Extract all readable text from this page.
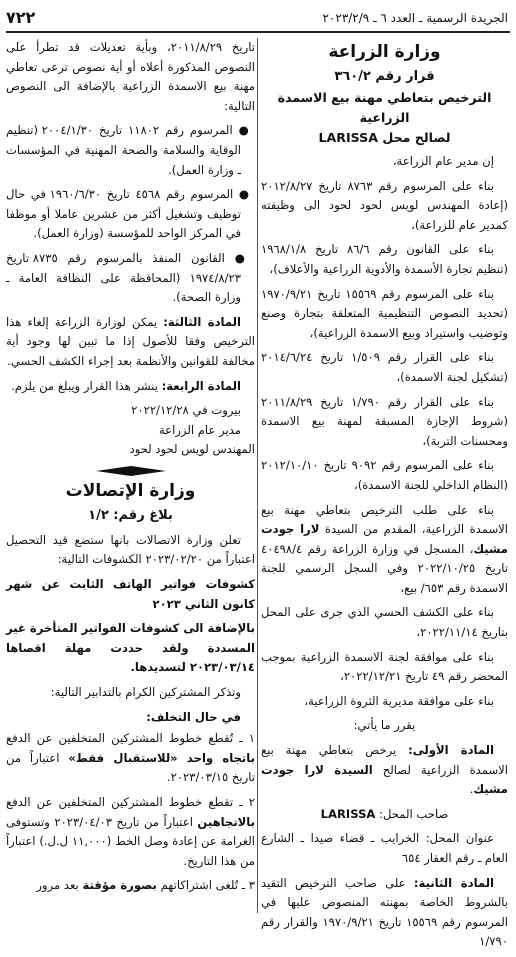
٧٢٢	الجريدة الرسمية ـ العدد ٦ ـ ٢٠٢٣/٢/٩
وزارة الزراعة
قرار رقم ٣٦٠/٢
الترخيص بتعاطي مهنة بيع الاسمدة الزراعية
لصالح محل LARISSA

إن مدير عام الزراعة،

بناء على المرسوم رقم ٨٧٦٣ تاريخ ٢٠١٢/٨/٢٧ (إعادة المهندس لويس لحود لحود الى وظيفته كمدير عام للزراعة)،

بناء على القانون رقم ٨٦/٦ تاريخ ١٩٦٨/١/٨ (تنظيم تجارة الأسمدة والأدوية الزراعية والأعلاف)،

بناء على المرسوم رقم ١٥٥٦٩ تاريخ ١٩٧٠/٩/٢١ (تحديد النصوص التنظيمية المتعلقة بتجارة وصنع وتوضيب واستيراد وبيع الاسمدة الزراعية)،

بناء على القرار رقم ١/٥٠٩ تاريخ ٢٠١٤/٦/٢٤ (تشكيل لجنة الاسمدة)،

بناء على القرار رقم ١/٧٩٠ تاريخ ٢٠١١/٨/٢٩ (شروط الإجازة المسبقة لمهنة بيع الاسمدة ومحسنات التربة)،

بناء على المرسوم رقم ٩٠٩٢ تاريخ ٢٠١٢/١٠/١٠ (النظام الداخلي للجنة الاسمدة)،

بناء على طلب الترخيص بتعاطي مهنة بيع الاسمدة الزراعية، المقدم من السيدة لارا جودت مشيك، المسجل في وزارة الزراعة رقم ٤٠٤٩٨/٤ تاريخ ٢٠٢٢/١٠/٢٥ وفي السجل الرسمي للجنة الاسمدة رقم ٦٥٣/ بيع،

بناء على الكشف الحسي الذي جرى على المحل بتاريخ ٢٠٢٢/١١/١٤،

بناء على موافقة لجنة الاسمدة الزراعية بموجب المحضر رقم ٤٩ تاريخ ٢٠٢٢/١٢/٢١،

بناء على موافقة مديرية الثروة الزراعية،

يقرر ما يأتي:

المادة الأولى: يرخص بتعاطي مهنة بيع الاسمدة الزراعية لصالح السيدة لارا جودت مشيك.

صاحب المحل: LARISSA

عنوان المحل: الخرايب ـ قضاء صيدا ـ الشارع العام ـ رقم العقار ٦٥٤

المادة الثانية: على صاحب الترخيص التقيد بالشروط الخاصة بمهنته المنصوص عليها في المرسوم رقم ١٥٥٦٩ تاريخ ١٩٧٠/٩/٢١ والقرار رقم ١/٧٩٠

تاريخ ٢٠١١/٨/٢٩، وبأية تعديلات قد تطرأ على النصوص المذكورة أعلاه أو أية نصوص ترعى تعاطي مهنة بيع الاسمدة الزراعية بالإضافة الى النصوص التالية:

● المرسوم رقم ١١٨٠٢ تاريخ ٢٠٠٤/١/٣٠ (تنظيم الوقاية والسلامة والصحة المهنية في المؤسسات ـ وزارة العمل).

● المرسوم رقم ٤٥٦٨ تاريخ ١٩٦٠/٦/٣٠ في حال توظيف وتشغيل أكثر من عشرين عاملا أو موظفا في المركز الواحد للمؤسسة (وزارة العمل).

● القانون المنفذ بالمرسوم رقم ٨٧٣٥ تاريخ ١٩٧٤/٨/٢٣ (المحافظة على النظافة العامة ـ وزارة الصحة).

المادة الثالثة: يمكن لوزارة الزراعة إلغاء هذا الترخيص وفقا للأصول إذا ما تبين لها وجود أية مخالفة للقوانين والأنظمة بعد إجراء الكشف الحسي.

المادة الرابعة: ينشر هذا القرار ويبلغ من يلزم.

بيروت في ٢٠٢٢/١٢/٢٨

مدير عام الزراعة

المهندس لويس لحود لحود

وزارة الإتصالات
بلاغ رقم: ١/٢

تعلن وزارة الاتصالات بانها ستضع قيد التحصيل اعتباراً من ٢٠٢٣/٠٢/٢٠ الكشوفات التالية:

كشوفات فواتير الهاتف الثابت عن شهر كانون الثاني ٢٠٢٣

بالإضافة الى كشوفات الفواتير المتأخرة غير المسددة ولقد حددت مهلة اقصاها ٢٠٢٣/٠٣/١٤ لتسديدها.

وتذكر المشتركين الكرام بالتدابير التالية:

في حال التخلف:

١ ـ تُقطع خطوط المشتركين المتخلفين عن الدفع باتجاه واحد «للاستقبال فقط» اعتباراً من تاريخ ٢٠٢٣/٠٣/١٥.

٢ ـ تقطع خطوط المشتركين المتخلفين عن الدفع بالاتجاهين اعتباراً من تاريخ ٢٠٢٣/٠٤/٠٣ وتستوفى الغرامة عن إعادة وصل الخط (١١,٠٠٠ ل.ل.) اعتباراً من هذا التاريخ.

٣ ـ تُلغى اشتراكاتهم بصورة مؤقتة بعد مرور
